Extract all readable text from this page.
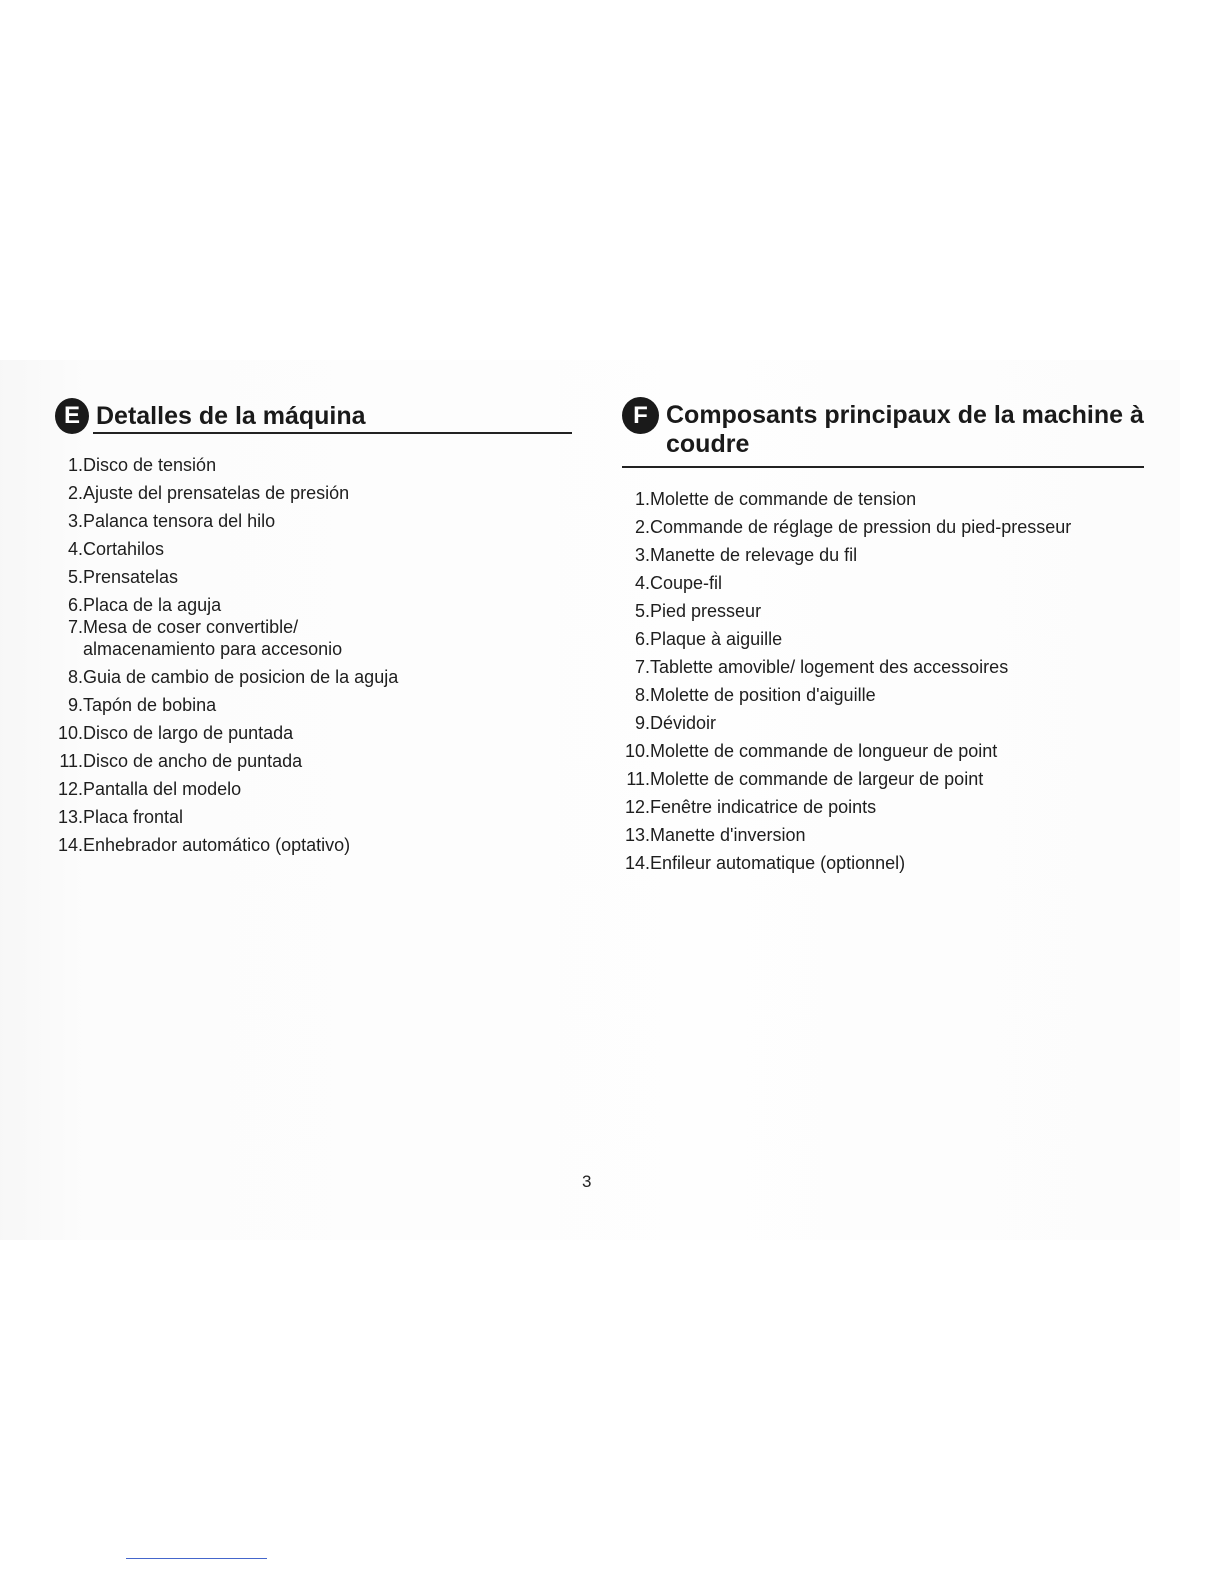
E Detalles de la máquina
1. Disco de tensión
2. Ajuste del prensatelas de presión
3. Palanca tensora del hilo
4. Cortahilos
5. Prensatelas
6. Placa de la aguja
7. Mesa de coser convertible/
almacenamiento para accesonio
8. Guia de cambio de posicion de la aguja
9. Tapón de bobina
10. Disco de largo de puntada
11. Disco de ancho de puntada
12. Pantalla del modelo
13. Placa frontal
14. Enhebrador automático (optativo)
F Composants principaux de la machine à coudre
1. Molette de commande de tension
2. Commande de réglage de pression du pied-presseur
3. Manette de relevage du fil
4. Coupe-fil
5. Pied presseur
6. Plaque à aiguille
7. Tablette amovible/ logement des accessoires
8. Molette de position d'aiguille
9. Dévidoir
10. Molette de commande de longueur de point
11. Molette de commande de largeur de point
12. Fenêtre indicatrice de points
13. Manette d'inversion
14. Enfileur automatique (optionnel)
3
